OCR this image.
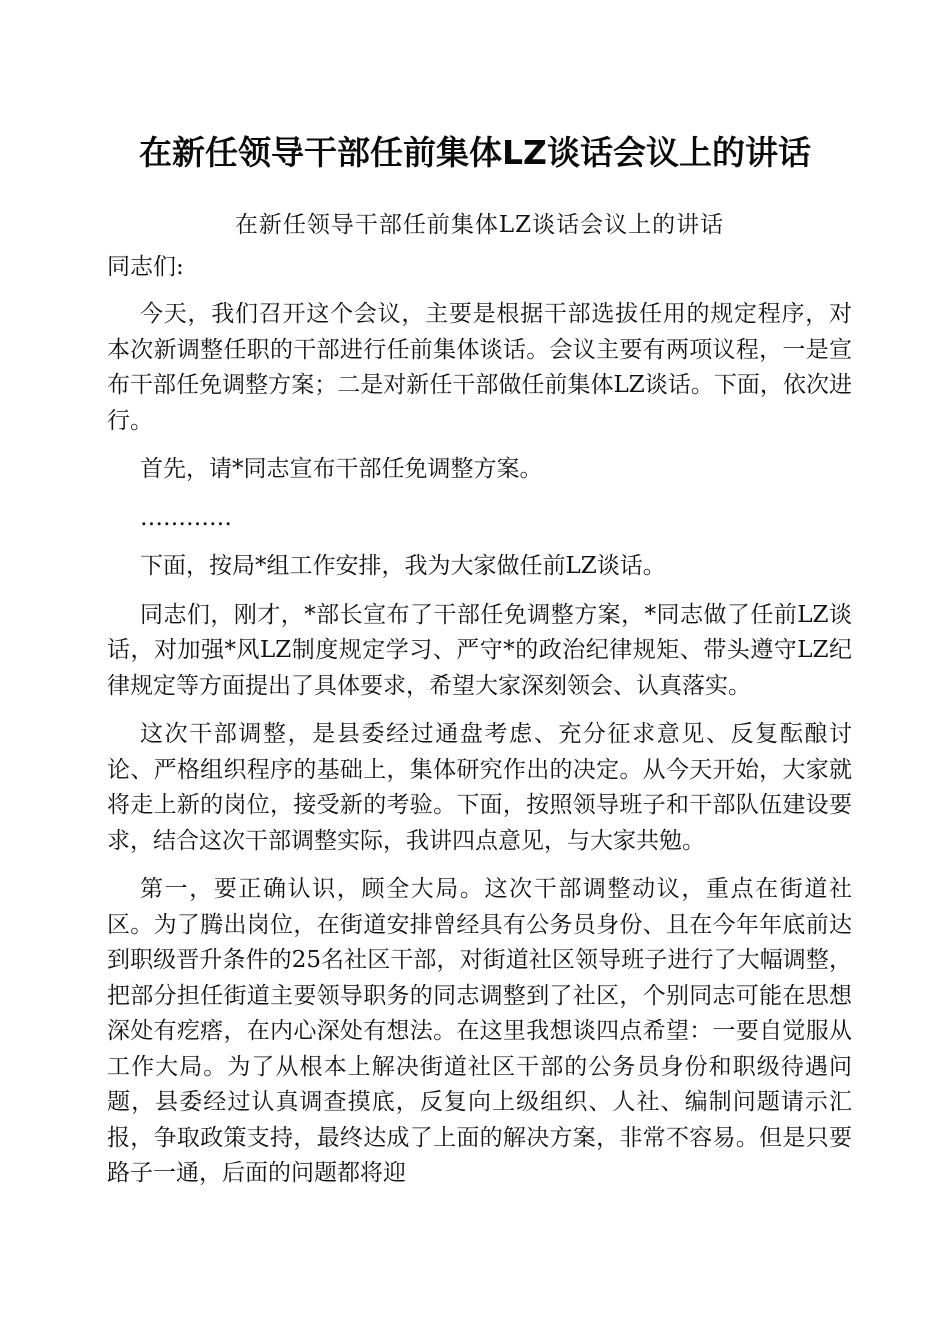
在新任领导干部任前集体LZ谈话会议上的讲话
在新任领导干部任前集体LZ谈话会议上的讲话
同志们:

今天，我们召开这个会议，主要是根据干部选拔任用的规定程序，对本次新调整任职的干部进行任前集体谈话。会议主要有两项议程，一是宣布干部任免调整方案；二是对新任干部做任前集体LZ谈话。下面，依次进行。

首先，请*同志宣布干部任免调整方案。

…………

下面，按局*组工作安排，我为大家做任前LZ谈话。

同志们，刚才，*部长宣布了干部任免调整方案，*同志做了任前LZ谈话，对加强*风LZ制度规定学习、严守*的政治纪律规矩、带头遵守LZ纪律规定等方面提出了具体要求，希望大家深刻领会、认真落实。

这次干部调整，是县委经过通盘考虑、充分征求意见、反复酝酿讨论、严格组织程序的基础上，集体研究作出的决定。从今天开始，大家就将走上新的岗位，接受新的考验。下面，按照领导班子和干部队伍建设要求，结合这次干部调整实际，我讲四点意见，与大家共勉。

第一，要正确认识，顾全大局。这次干部调整动议，重点在街道社区。为了腾出岗位，在街道安排曾经具有公务员身份、且在今年年底前达到职级晋升条件的25名社区干部，对街道社区领导班子进行了大幅调整，把部分担任街道主要领导职务的同志调整到了社区，个别同志可能在思想深处有疙瘩，在内心深处有想法。在这里我想谈四点希望：一要自觉服从工作大局。为了从根本上解决街道社区干部的公务员身份和职级待遇问题，县委经过认真调查摸底，反复向上级组织、人社、编制问题请示汇报，争取政策支持，最终达成了上面的解决方案，非常不容易。但是只要路子一通，后面的问题都将迎
